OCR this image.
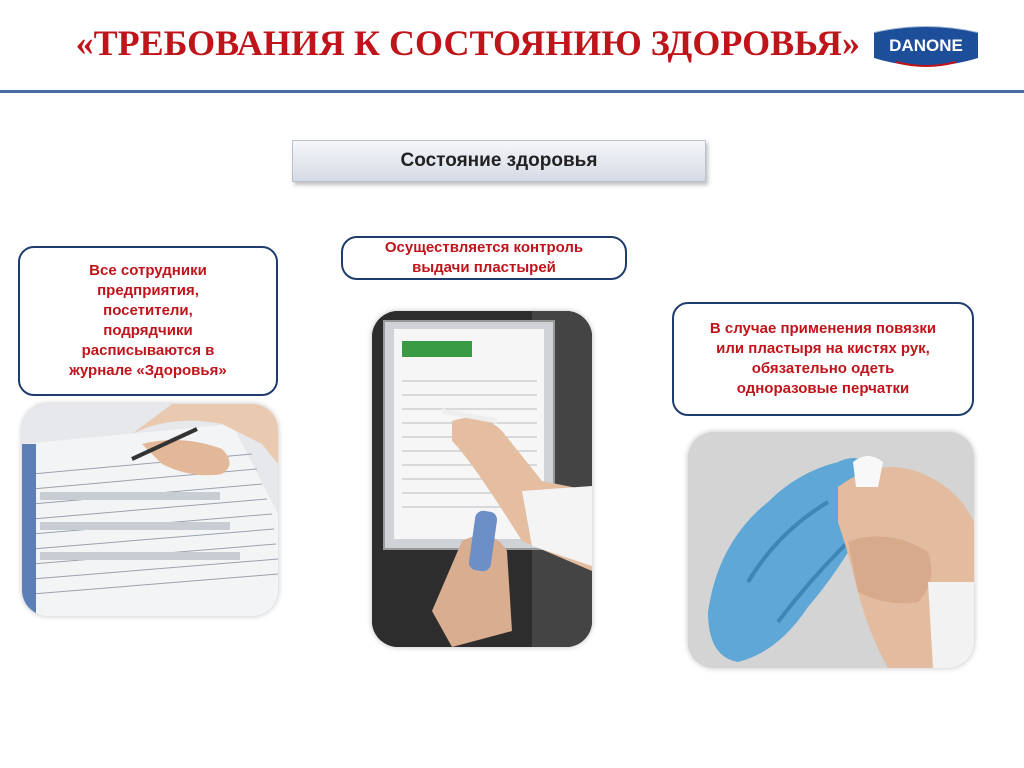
«ТРЕБОВАНИЯ К СОСТОЯНИЮ ЗДОРОВЬЯ» DANONE
Состояние здоровья
Все сотрудники
предприятия,
посетители,
подрядчики
расписываются в
журнале «Здоровья»
Осуществляется контроль
выдачи пластырей
В случае применения повязки
или пластыря на кистях рук,
обязательно одеть
одноразовые перчатки
